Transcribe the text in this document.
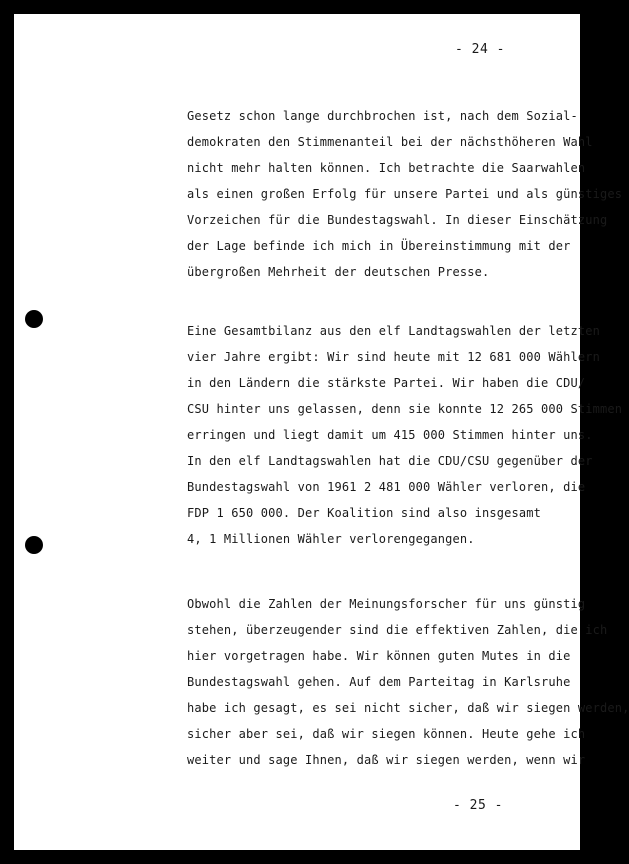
- 24 -
Gesetz schon lange durchbrochen ist, nach dem Sozial-
demokraten den Stimmenanteil bei der nächsthöheren Wahl
nicht mehr halten können. Ich betrachte die Saarwahlen
als einen großen Erfolg für unsere Partei und als günstiges
Vorzeichen für die Bundestagswahl. In dieser Einschätzung
der Lage befinde ich mich in Übereinstimmung mit der
übergroßen Mehrheit der deutschen Presse.
Eine Gesamtbilanz aus den elf Landtagswahlen der letzten
vier Jahre ergibt: Wir sind heute mit 12 681 000 Wählern
in den Ländern die stärkste Partei. Wir haben die CDU/
CSU hinter uns gelassen, denn sie konnte 12 265 000 Stimmen
erringen und liegt damit um 415 000 Stimmen hinter uns.
In den elf Landtagswahlen hat die CDU/CSU gegenüber der
Bundestagswahl von 1961 2 481 000 Wähler verloren, die
FDP 1 650 000. Der Koalition sind also insgesamt
4, 1 Millionen Wähler verlorengegangen.
Obwohl die Zahlen der Meinungsforscher für uns günstig
stehen, überzeugender sind die effektiven Zahlen, die ich
hier vorgetragen habe. Wir können guten Mutes in die
Bundestagswahl gehen. Auf dem Parteitag in Karlsruhe
habe ich gesagt, es sei nicht sicher, daß wir siegen werden,
sicher aber sei, daß wir siegen können. Heute gehe ich
weiter und sage Ihnen, daß wir siegen werden, wenn wir
- 25 -
